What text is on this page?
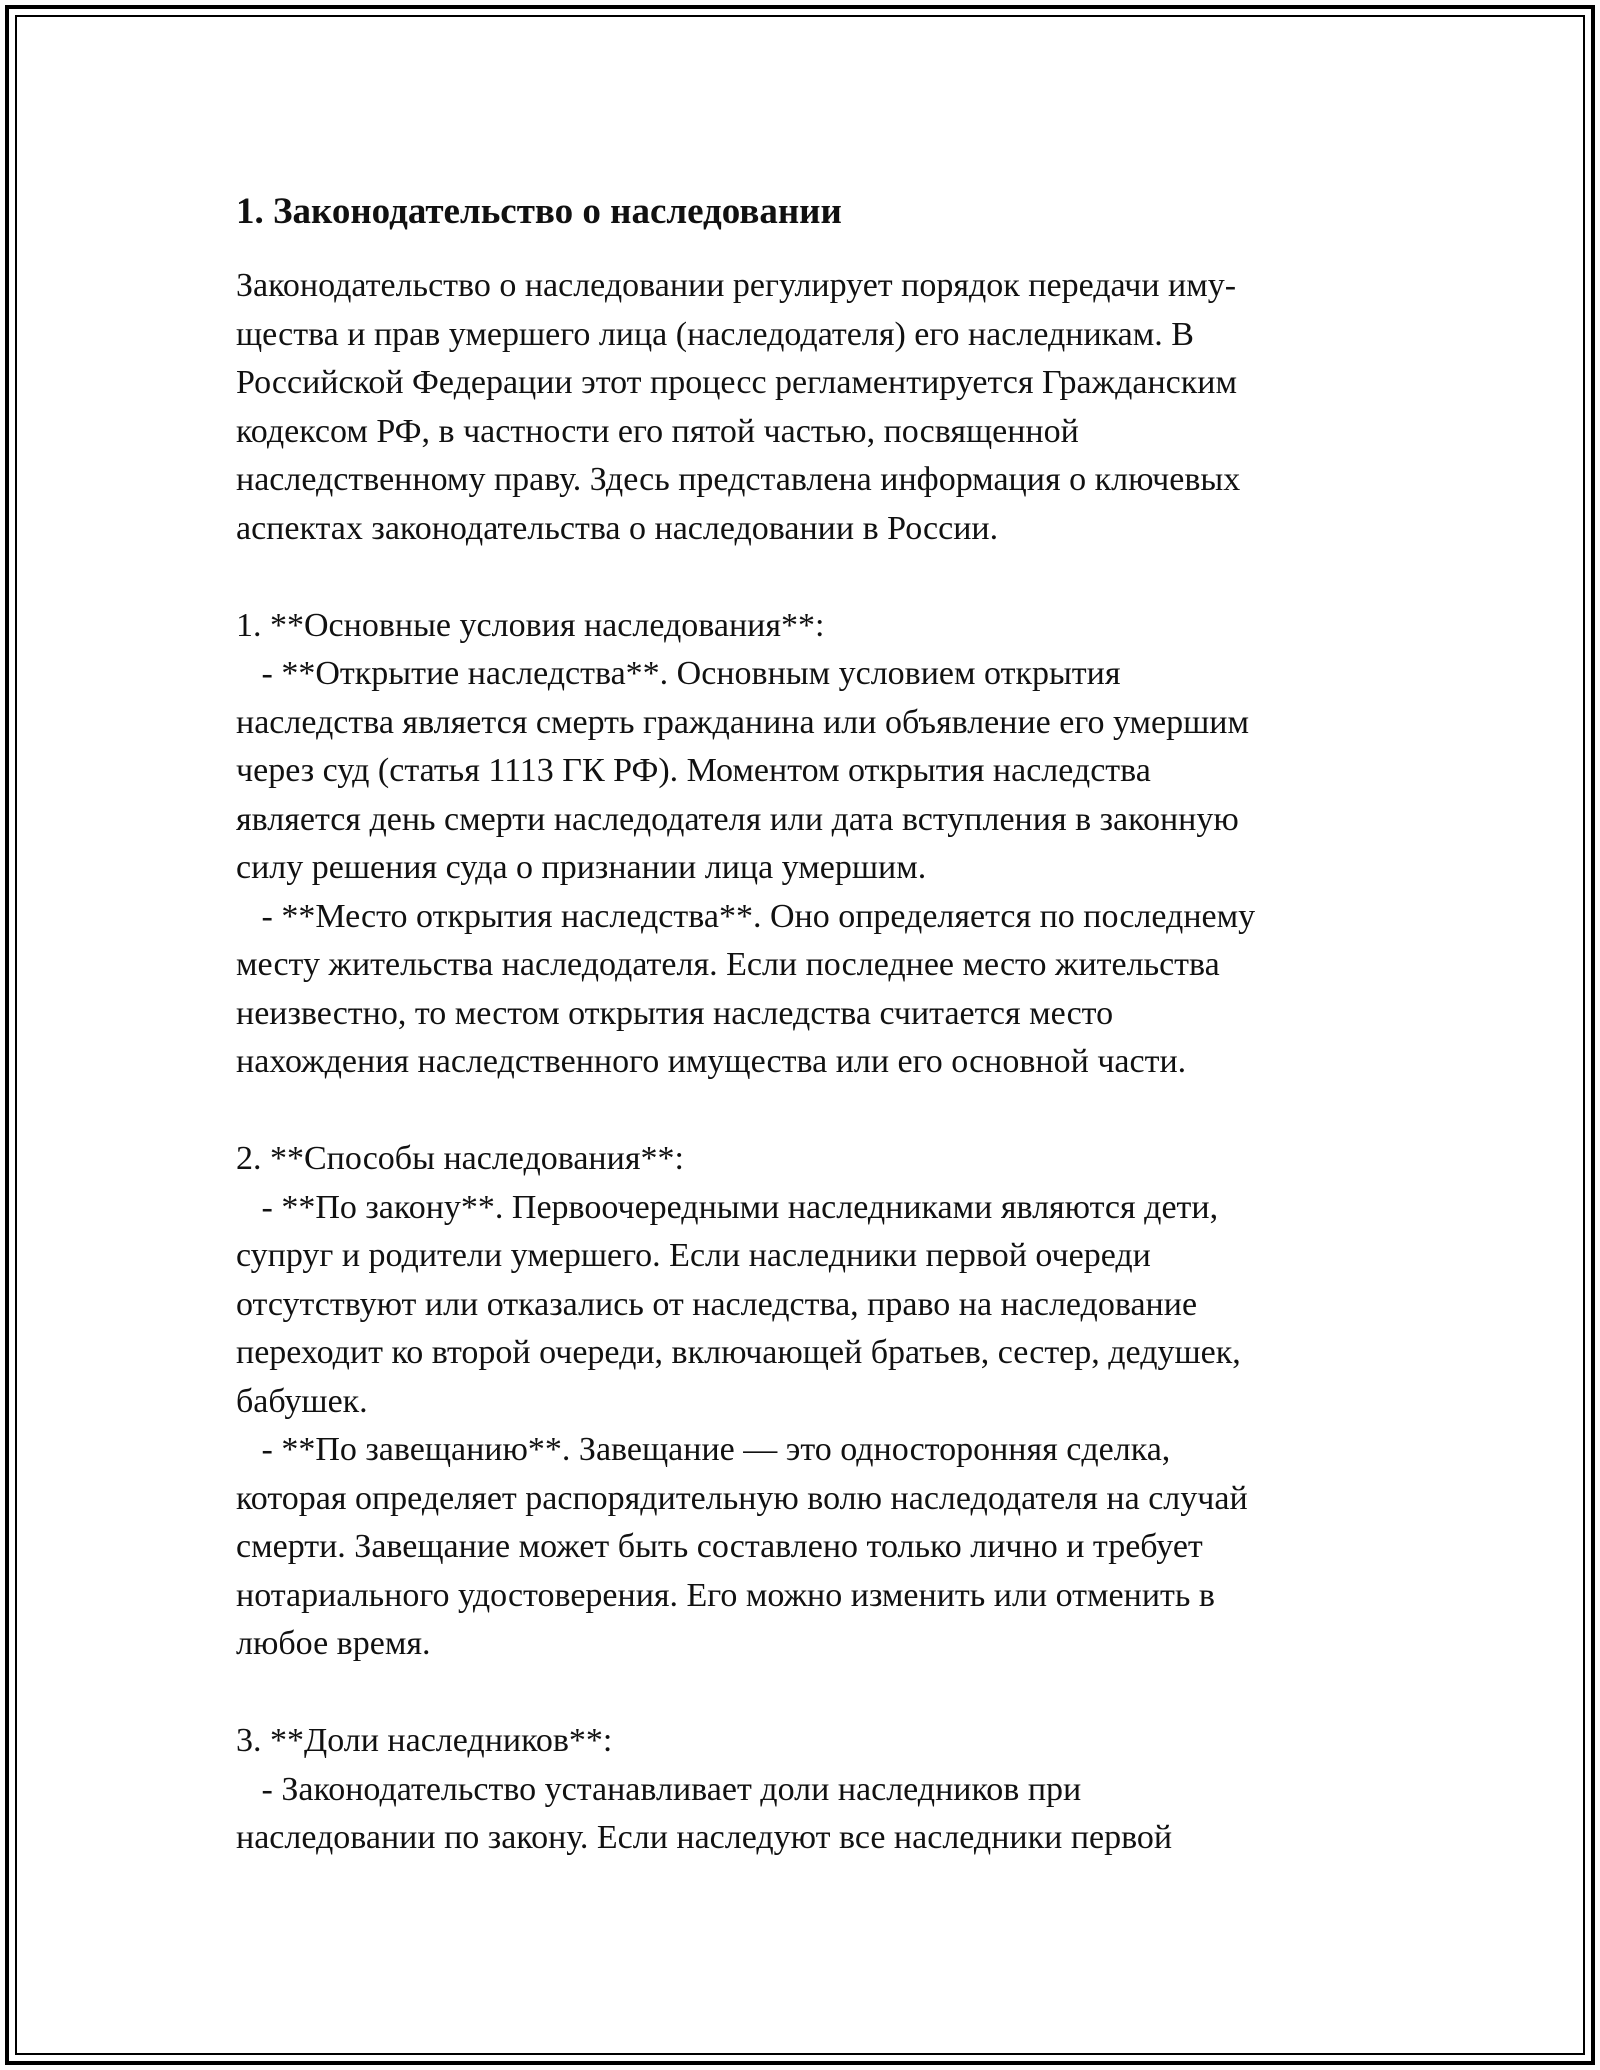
1. Законодательство о наследовании
Законодательство о наследовании регулирует порядок передачи иму-
щества и прав умершего лица (наследодателя) его наследникам. В
Российской Федерации этот процесс регламентируется Гражданским
кодексом РФ, в частности его пятой частью, посвященной
наследственному праву. Здесь представлена информация о ключевых
аспектах законодательства о наследовании в России.
1. **Основные условия наследования**:
- **Открытие наследства**. Основным условием открытия
наследства является смерть гражданина или объявление его умершим
через суд (статья 1113 ГК РФ). Моментом открытия наследства
является день смерти наследодателя или дата вступления в законную
силу решения суда о признании лица умершим.
- **Место открытия наследства**. Оно определяется по последнему
месту жительства наследодателя. Если последнее место жительства
неизвестно, то местом открытия наследства считается место
нахождения наследственного имущества или его основной части.
2. **Способы наследования**:
- **По закону**. Первоочередными наследниками являются дети,
супруг и родители умершего. Если наследники первой очереди
отсутствуют или отказались от наследства, право на наследование
переходит ко второй очереди, включающей братьев, сестер, дедушек,
бабушек.
- **По завещанию**. Завещание — это односторонняя сделка,
которая определяет распорядительную волю наследодателя на случай
смерти. Завещание может быть составлено только лично и требует
нотариального удостоверения. Его можно изменить или отменить в
любое время.
3. **Доли наследников**:
- Законодательство устанавливает доли наследников при
наследовании по закону. Если наследуют все наследники первой
